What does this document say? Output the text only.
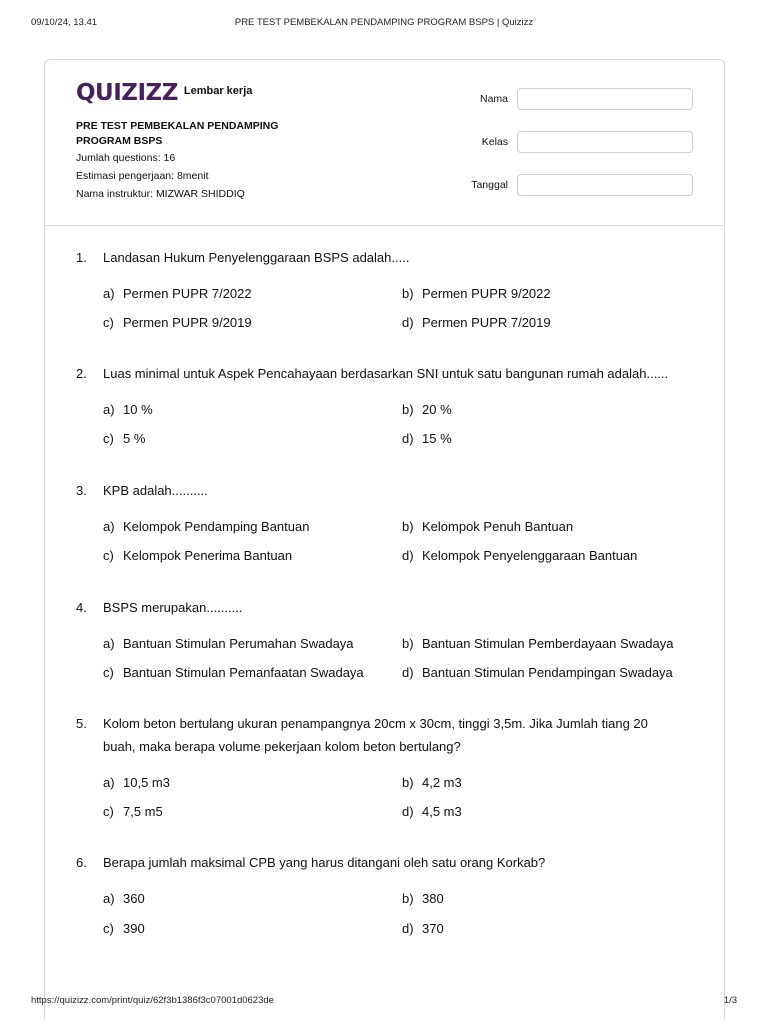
09/10/24, 13.41	PRE TEST PEMBEKALAN PENDAMPING PROGRAM BSPS | Quizizz
QUIZIZZ Lembar kerja
PRE TEST PEMBEKALAN PENDAMPING PROGRAM BSPS
Jumlah questions: 16
Estimasi pengerjaan: 8menit
Nama instruktur: MIZWAR SHIDDIQ
Nama
Kelas
Tanggal
1. Landasan Hukum Penyelenggaraan BSPS adalah.....
a) Permen PUPR 7/2022	b) Permen PUPR 9/2022
c) Permen PUPR 9/2019	d) Permen PUPR 7/2019
2. Luas minimal untuk Aspek Pencahayaan berdasarkan SNI untuk satu bangunan rumah adalah......
a) 10 %	b) 20 %
c) 5 %	d) 15 %
3. KPB adalah..........
a) Kelompok Pendamping Bantuan	b) Kelompok Penuh Bantuan
c) Kelompok Penerima Bantuan	d) Kelompok Penyelenggaraan Bantuan
4. BSPS merupakan..........
a) Bantuan Stimulan Perumahan Swadaya	b) Bantuan Stimulan Pemberdayaan Swadaya
c) Bantuan Stimulan Pemanfaatan Swadaya	d) Bantuan Stimulan Pendampingan Swadaya
5. Kolom beton bertulang ukuran penampangnya 20cm x 30cm, tinggi 3,5m. Jika Jumlah tiang 20 buah, maka berapa volume pekerjaan kolom beton bertulang?
a) 10,5 m3	b) 4,2 m3
c) 7,5 m5	d) 4,5 m3
6. Berapa jumlah maksimal CPB yang harus ditangani oleh satu orang Korkab?
a) 360	b) 380
c) 390	d) 370
https://quizizz.com/print/quiz/62f3b1386f3c07001d0623de	1/3
